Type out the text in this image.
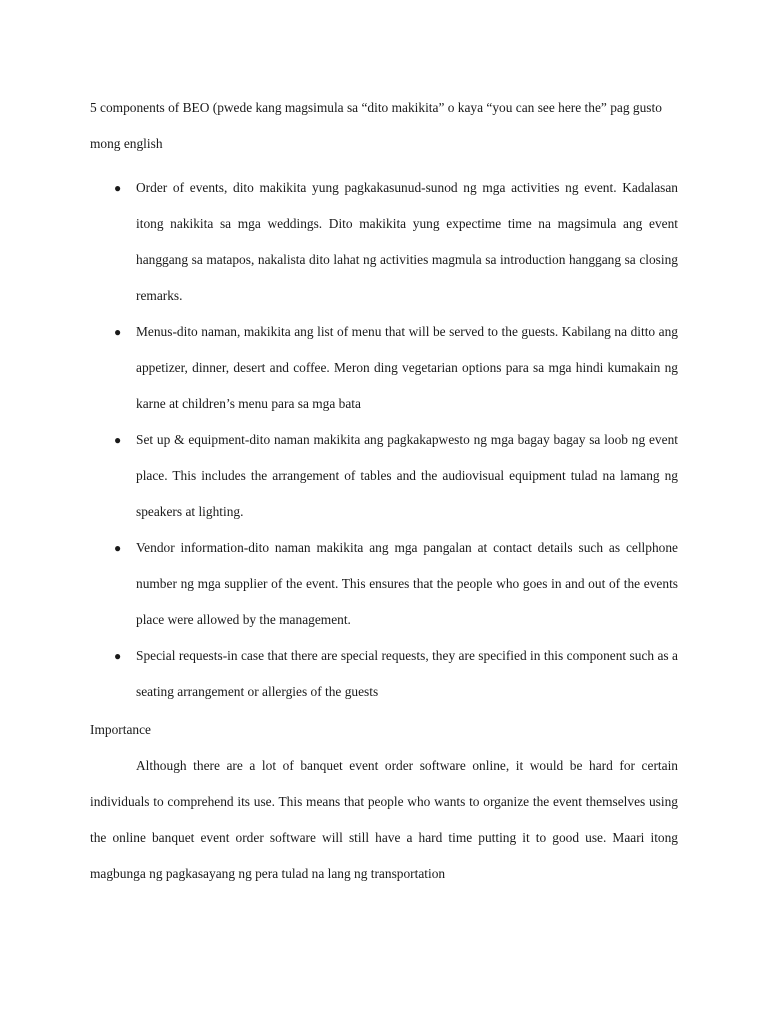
5 components of BEO (pwede kang magsimula sa “dito makikita” o kaya “you can see here the” pag gusto mong english

● Order of events, dito makikita yung pagkakasunud-sunod ng mga activities ng event. Kadalasan itong nakikita sa mga weddings. Dito makikita yung expectime time na magsimula ang event hanggang sa matapos, nakalista dito lahat ng activities magmula sa introduction hanggang sa closing remarks.
● Menus-dito naman, makikita ang list of menu that will be served to the guests. Kabilang na ditto ang appetizer, dinner, desert and coffee. Meron ding vegetarian options para sa mga hindi kumakain ng karne at children’s menu para sa mga bata
● Set up & equipment-dito naman makikita ang pagkakapwesto ng mga bagay bagay sa loob ng event place. This includes the arrangement of tables and the audiovisual equipment tulad na lamang ng speakers at lighting.
● Vendor information-dito naman makikita ang mga pangalan at contact details such as cellphone number ng mga supplier of the event. This ensures that the people who goes in and out of the events place were allowed by the management.
● Special requests-in case that there are special requests, they are specified in this component such as a seating arrangement or allergies of the guests

Importance

Although there are a lot of banquet event order software online, it would be hard for certain individuals to comprehend its use. This means that people who wants to organize the event themselves using the online banquet event order software will still have a hard time putting it to good use. Maari itong magbunga ng pagkasayang ng pera tulad na lang ng transportation
